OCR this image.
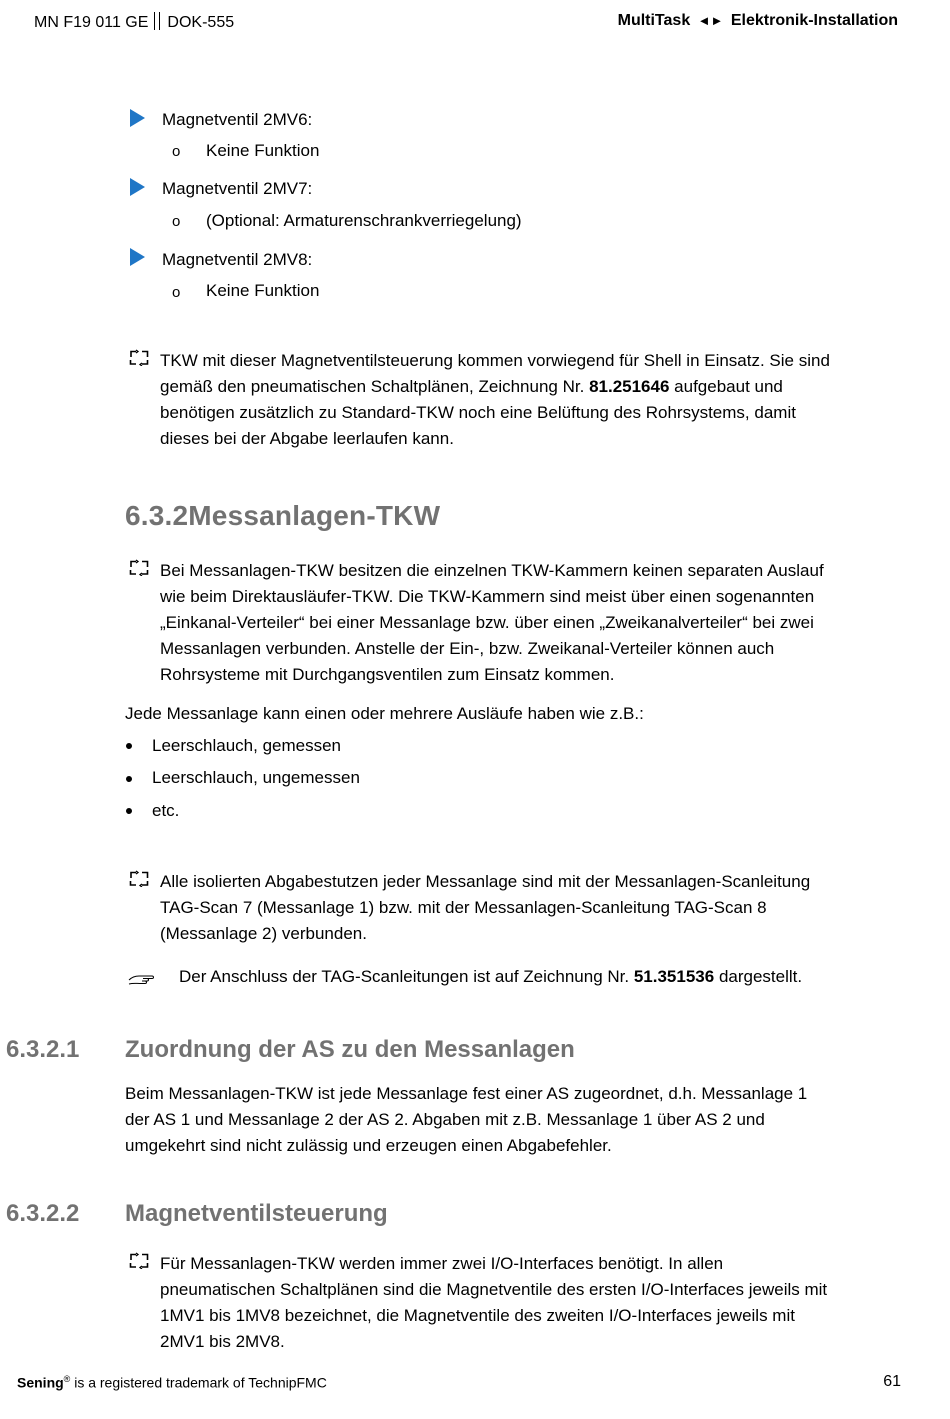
MN F19 011 GE DOK-555	MultiTask ◄► Elektronik-Installation
Magnetventil 2MV6:
o Keine Funktion
Magnetventil 2MV7:
o (Optional: Armaturenschrankverriegelung)
Magnetventil 2MV8:
o Keine Funktion
TKW mit dieser Magnetventilsteuerung kommen vorwiegend für Shell in Einsatz. Sie sind
gemäß den pneumatischen Schaltplänen, Zeichnung Nr. 81.251646 aufgebaut und
benötigen zusätzlich zu Standard-TKW noch eine Belüftung des Rohrsystems, damit
dieses bei der Abgabe leerlaufen kann.
6.3.2Messanlagen-TKW
Bei Messanlagen-TKW besitzen die einzelnen TKW-Kammern keinen separaten Auslauf
wie beim Direktausläufer-TKW. Die TKW-Kammern sind meist über einen sogenannten
„Einkanal-Verteiler“ bei einer Messanlage bzw. über einen „Zweikanalverteiler“ bei zwei
Messanlagen verbunden. Anstelle der Ein-, bzw. Zweikanal-Verteiler können auch
Rohrsysteme mit Durchgangsventilen zum Einsatz kommen.
Jede Messanlage kann einen oder mehrere Ausläufe haben wie z.B.:
Leerschlauch, gemessen
Leerschlauch, ungemessen
etc.
Alle isolierten Abgabestutzen jeder Messanlage sind mit der Messanlagen-Scanleitung
TAG-Scan 7 (Messanlage 1) bzw. mit der Messanlagen-Scanleitung TAG-Scan 8
(Messanlage 2) verbunden.
Der Anschluss der TAG-Scanleitungen ist auf Zeichnung Nr. 51.351536 dargestellt.
6.3.2.1 Zuordnung der AS zu den Messanlagen
Beim Messanlagen-TKW ist jede Messanlage fest einer AS zugeordnet, d.h. Messanlage 1
der AS 1 und Messanlage 2 der AS 2. Abgaben mit z.B. Messanlage 1 über AS 2 und
umgekehrt sind nicht zulässig und erzeugen einen Abgabefehler.
6.3.2.2 Magnetventilsteuerung
Für Messanlagen-TKW werden immer zwei I/O-Interfaces benötigt. In allen
pneumatischen Schaltplänen sind die Magnetventile des ersten I/O-Interfaces jeweils mit
1MV1 bis 1MV8 bezeichnet, die Magnetventile des zweiten I/O-Interfaces jeweils mit
2MV1 bis 2MV8.
Sening® is a registered trademark of TechnipFMC	61
